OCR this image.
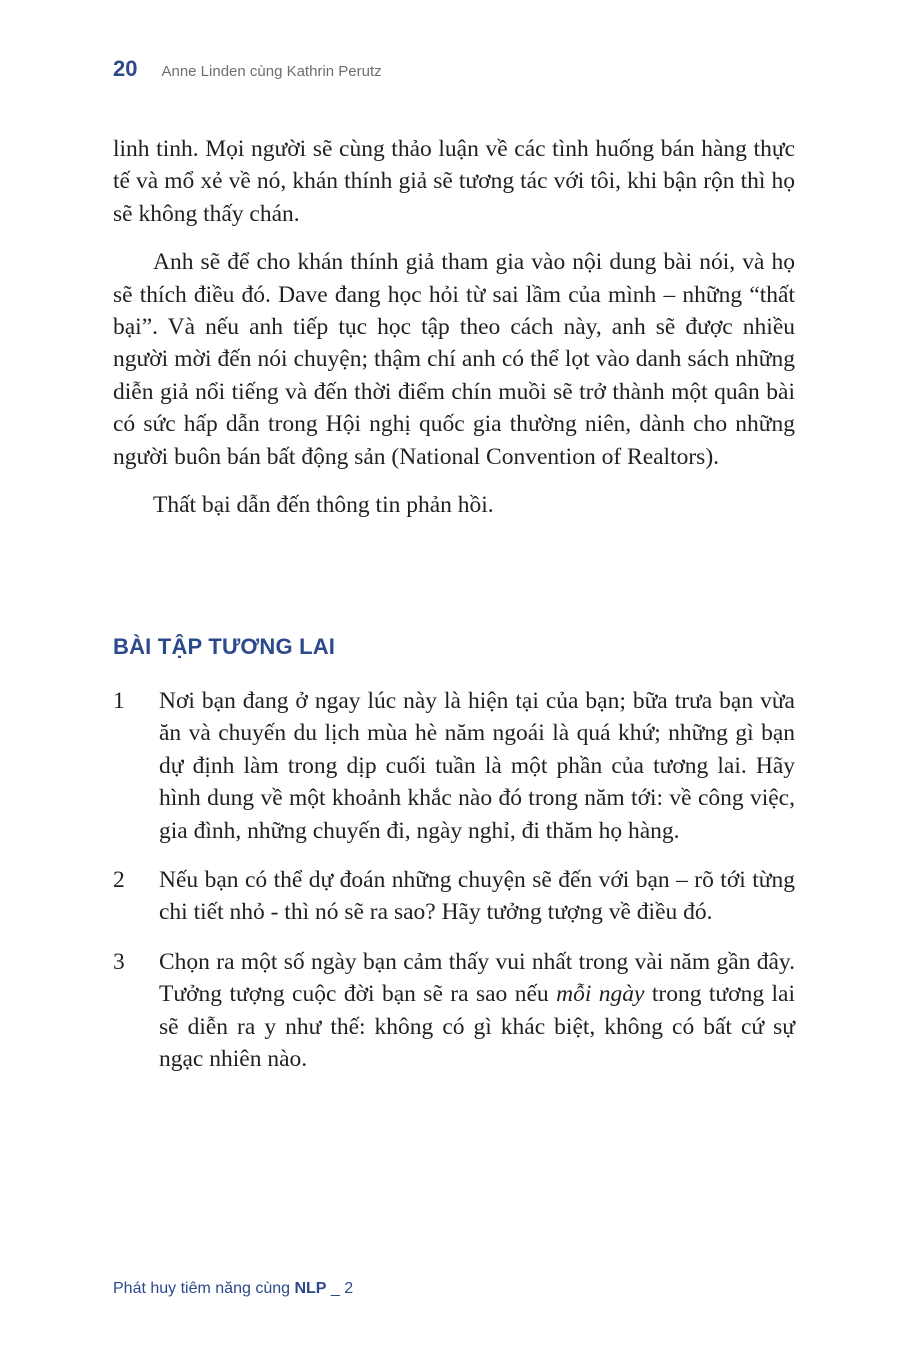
20 Anne Linden cùng Kathrin Perutz

linh tinh. Mọi người sẽ cùng thảo luận về các tình huống bán hàng thực tế và mổ xẻ về nó, khán thính giả sẽ tương tác với tôi, khi bận rộn thì họ sẽ không thấy chán.

Anh sẽ để cho khán thính giả tham gia vào nội dung bài nói, và họ sẽ thích điều đó. Dave đang học hỏi từ sai lầm của mình – những “thất bại”. Và nếu anh tiếp tục học tập theo cách này, anh sẽ được nhiều người mời đến nói chuyện; thậm chí anh có thể lọt vào danh sách những diễn giả nổi tiếng và đến thời điểm chín muồi sẽ trở thành một quân bài có sức hấp dẫn trong Hội nghị quốc gia thường niên, dành cho những người buôn bán bất động sản (National Convention of Realtors).

Thất bại dẫn đến thông tin phản hồi.

BÀI TẬP TƯƠNG LAI
1	Nơi bạn đang ở ngay lúc này là hiện tại của bạn; bữa trưa bạn vừa ăn và chuyến du lịch mùa hè năm ngoái là quá khứ; những gì bạn dự định làm trong dịp cuối tuần là một phần của tương lai. Hãy hình dung về một khoảnh khắc nào đó trong năm tới: về công việc, gia đình, những chuyến đi, ngày nghỉ, đi thăm họ hàng.
2	Nếu bạn có thể dự đoán những chuyện sẽ đến với bạn – rõ tới từng chi tiết nhỏ - thì nó sẽ ra sao? Hãy tưởng tượng về điều đó.
3	Chọn ra một số ngày bạn cảm thấy vui nhất trong vài năm gần đây. Tưởng tượng cuộc đời bạn sẽ ra sao nếu mỗi ngày trong tương lai sẽ diễn ra y như thế: không có gì khác biệt, không có bất cứ sự ngạc nhiên nào.
Phát huy tiêm năng cùng NLP _ 2
